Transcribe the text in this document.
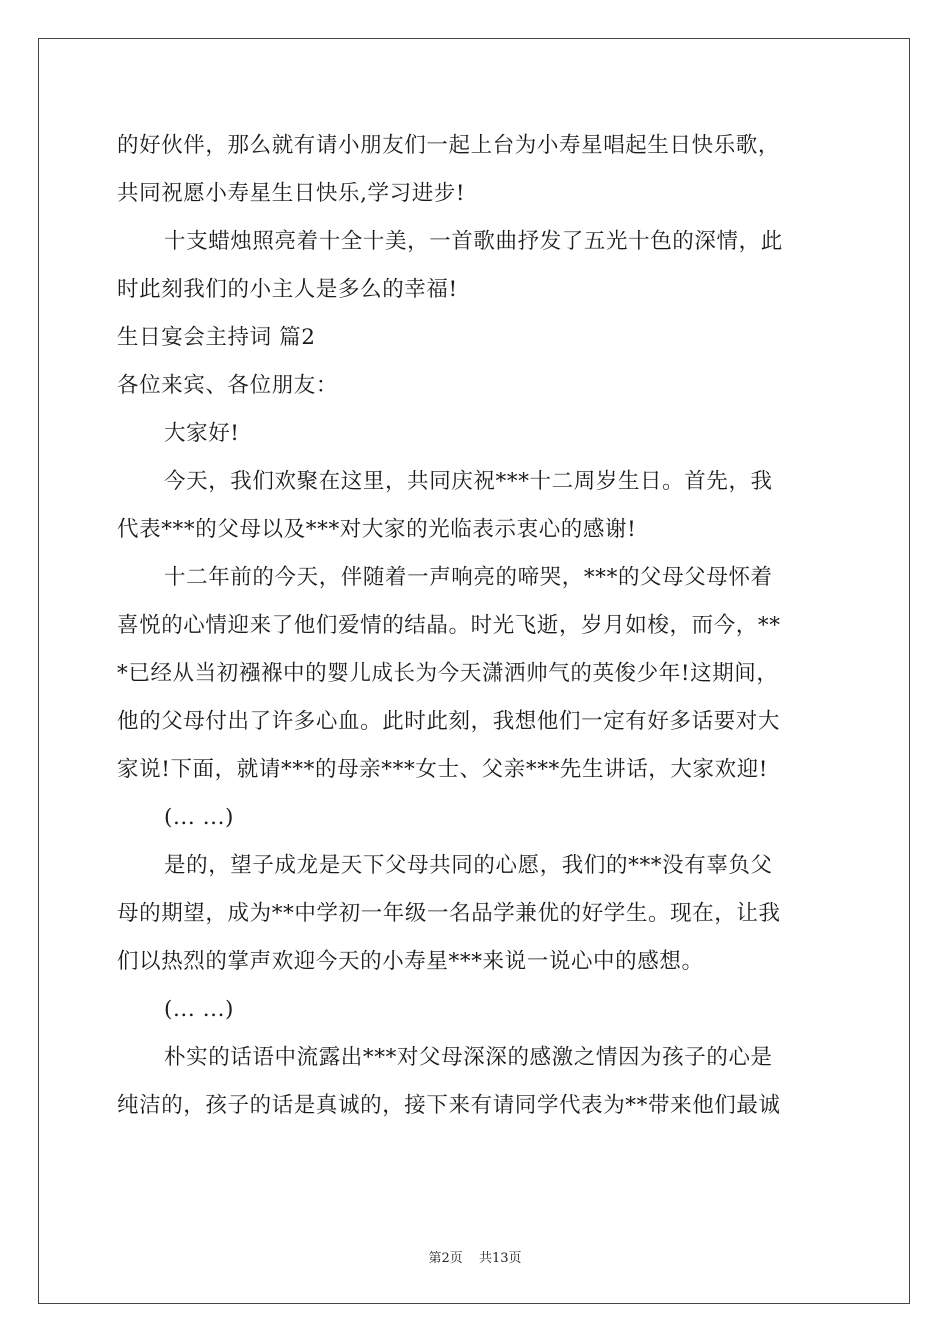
的好伙伴，那么就有请小朋友们一起上台为小寿星唱起生日快乐歌，
共同祝愿小寿星生日快乐,学习进步!
十支蜡烛照亮着十全十美，一首歌曲抒发了五光十色的深情，此
时此刻我们的小主人是多么的幸福!
生日宴会主持词 篇2
各位来宾、各位朋友：
大家好!
今天，我们欢聚在这里，共同庆祝***十二周岁生日。首先，我
代表***的父母以及***对大家的光临表示衷心的感谢!
十二年前的今天，伴随着一声响亮的啼哭，***的父母父母怀着
喜悦的心情迎来了他们爱情的结晶。时光飞逝，岁月如梭，而今，**
*已经从当初襁褓中的婴儿成长为今天潇洒帅气的英俊少年!这期间，
他的父母付出了许多心血。此时此刻，我想他们一定有好多话要对大
家说!下面，就请***的母亲***女士、父亲***先生讲话，大家欢迎!
(... ...)
是的，望子成龙是天下父母共同的心愿，我们的***没有辜负父
母的期望，成为**中学初一年级一名品学兼优的好学生。现在，让我
们以热烈的掌声欢迎今天的小寿星***来说一说心中的感想。
(... ...)
朴实的话语中流露出***对父母深深的感激之情因为孩子的心是
纯洁的，孩子的话是真诚的，接下来有请同学代表为**带来他们最诚
第2页 共13页
